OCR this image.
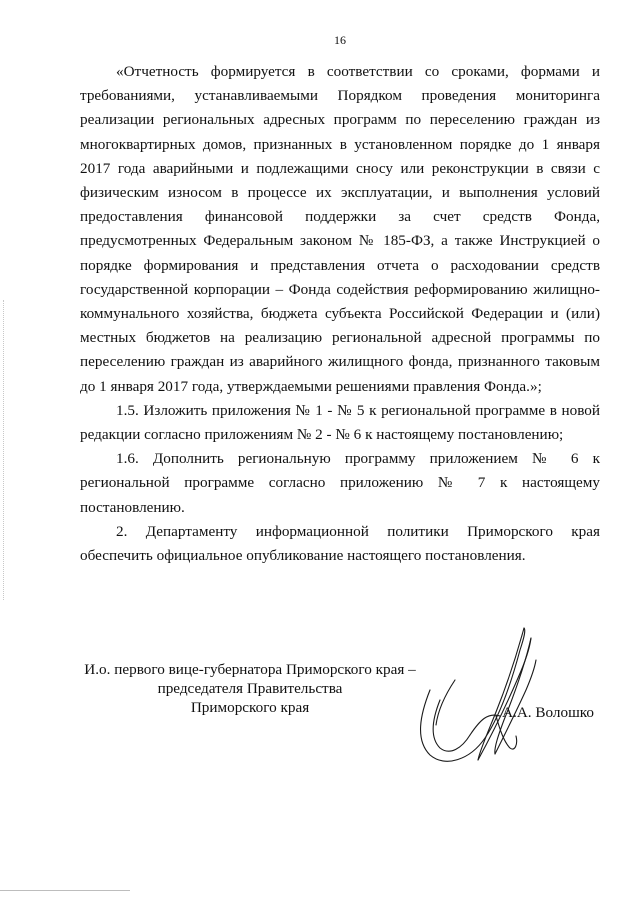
16

«Отчетность формируется в соответствии со сроками, формами и требованиями, устанавливаемыми Порядком проведения мониторинга реализации региональных адресных программ по переселению граждан из многоквартирных домов, признанных в установленном порядке до 1 января 2017 года аварийными и подлежащими сносу или реконструкции в связи с физическим износом в процессе их эксплуатации, и выполнения условий предоставления финансовой поддержки за счет средств Фонда, предусмотренных Федеральным законом № 185-ФЗ, а также Инструкцией о порядке формирования и представления отчета о расходовании средств государственной корпорации – Фонда содействия реформированию жилищно-коммунального хозяйства, бюджета субъекта Российской Федерации и (или) местных бюджетов на реализацию региональной адресной программы по переселению граждан из аварийного жилищного фонда, признанного таковым до 1 января 2017 года, утверждаемыми решениями правления Фонда.»;

1.5. Изложить приложения № 1 - № 5 к региональной программе в новой редакции согласно приложениям № 2 - № 6 к настоящему постановлению;

1.6. Дополнить региональную программу приложением № 6 к региональной программе согласно приложению № 7 к настоящему постановлению.

2. Департаменту информационной политики Приморского края обеспечить официальное опубликование настоящего постановления.

И.о. первого вице-губернатора Приморского края –
председателя Правительства
Приморского края	А.А. Волошко
